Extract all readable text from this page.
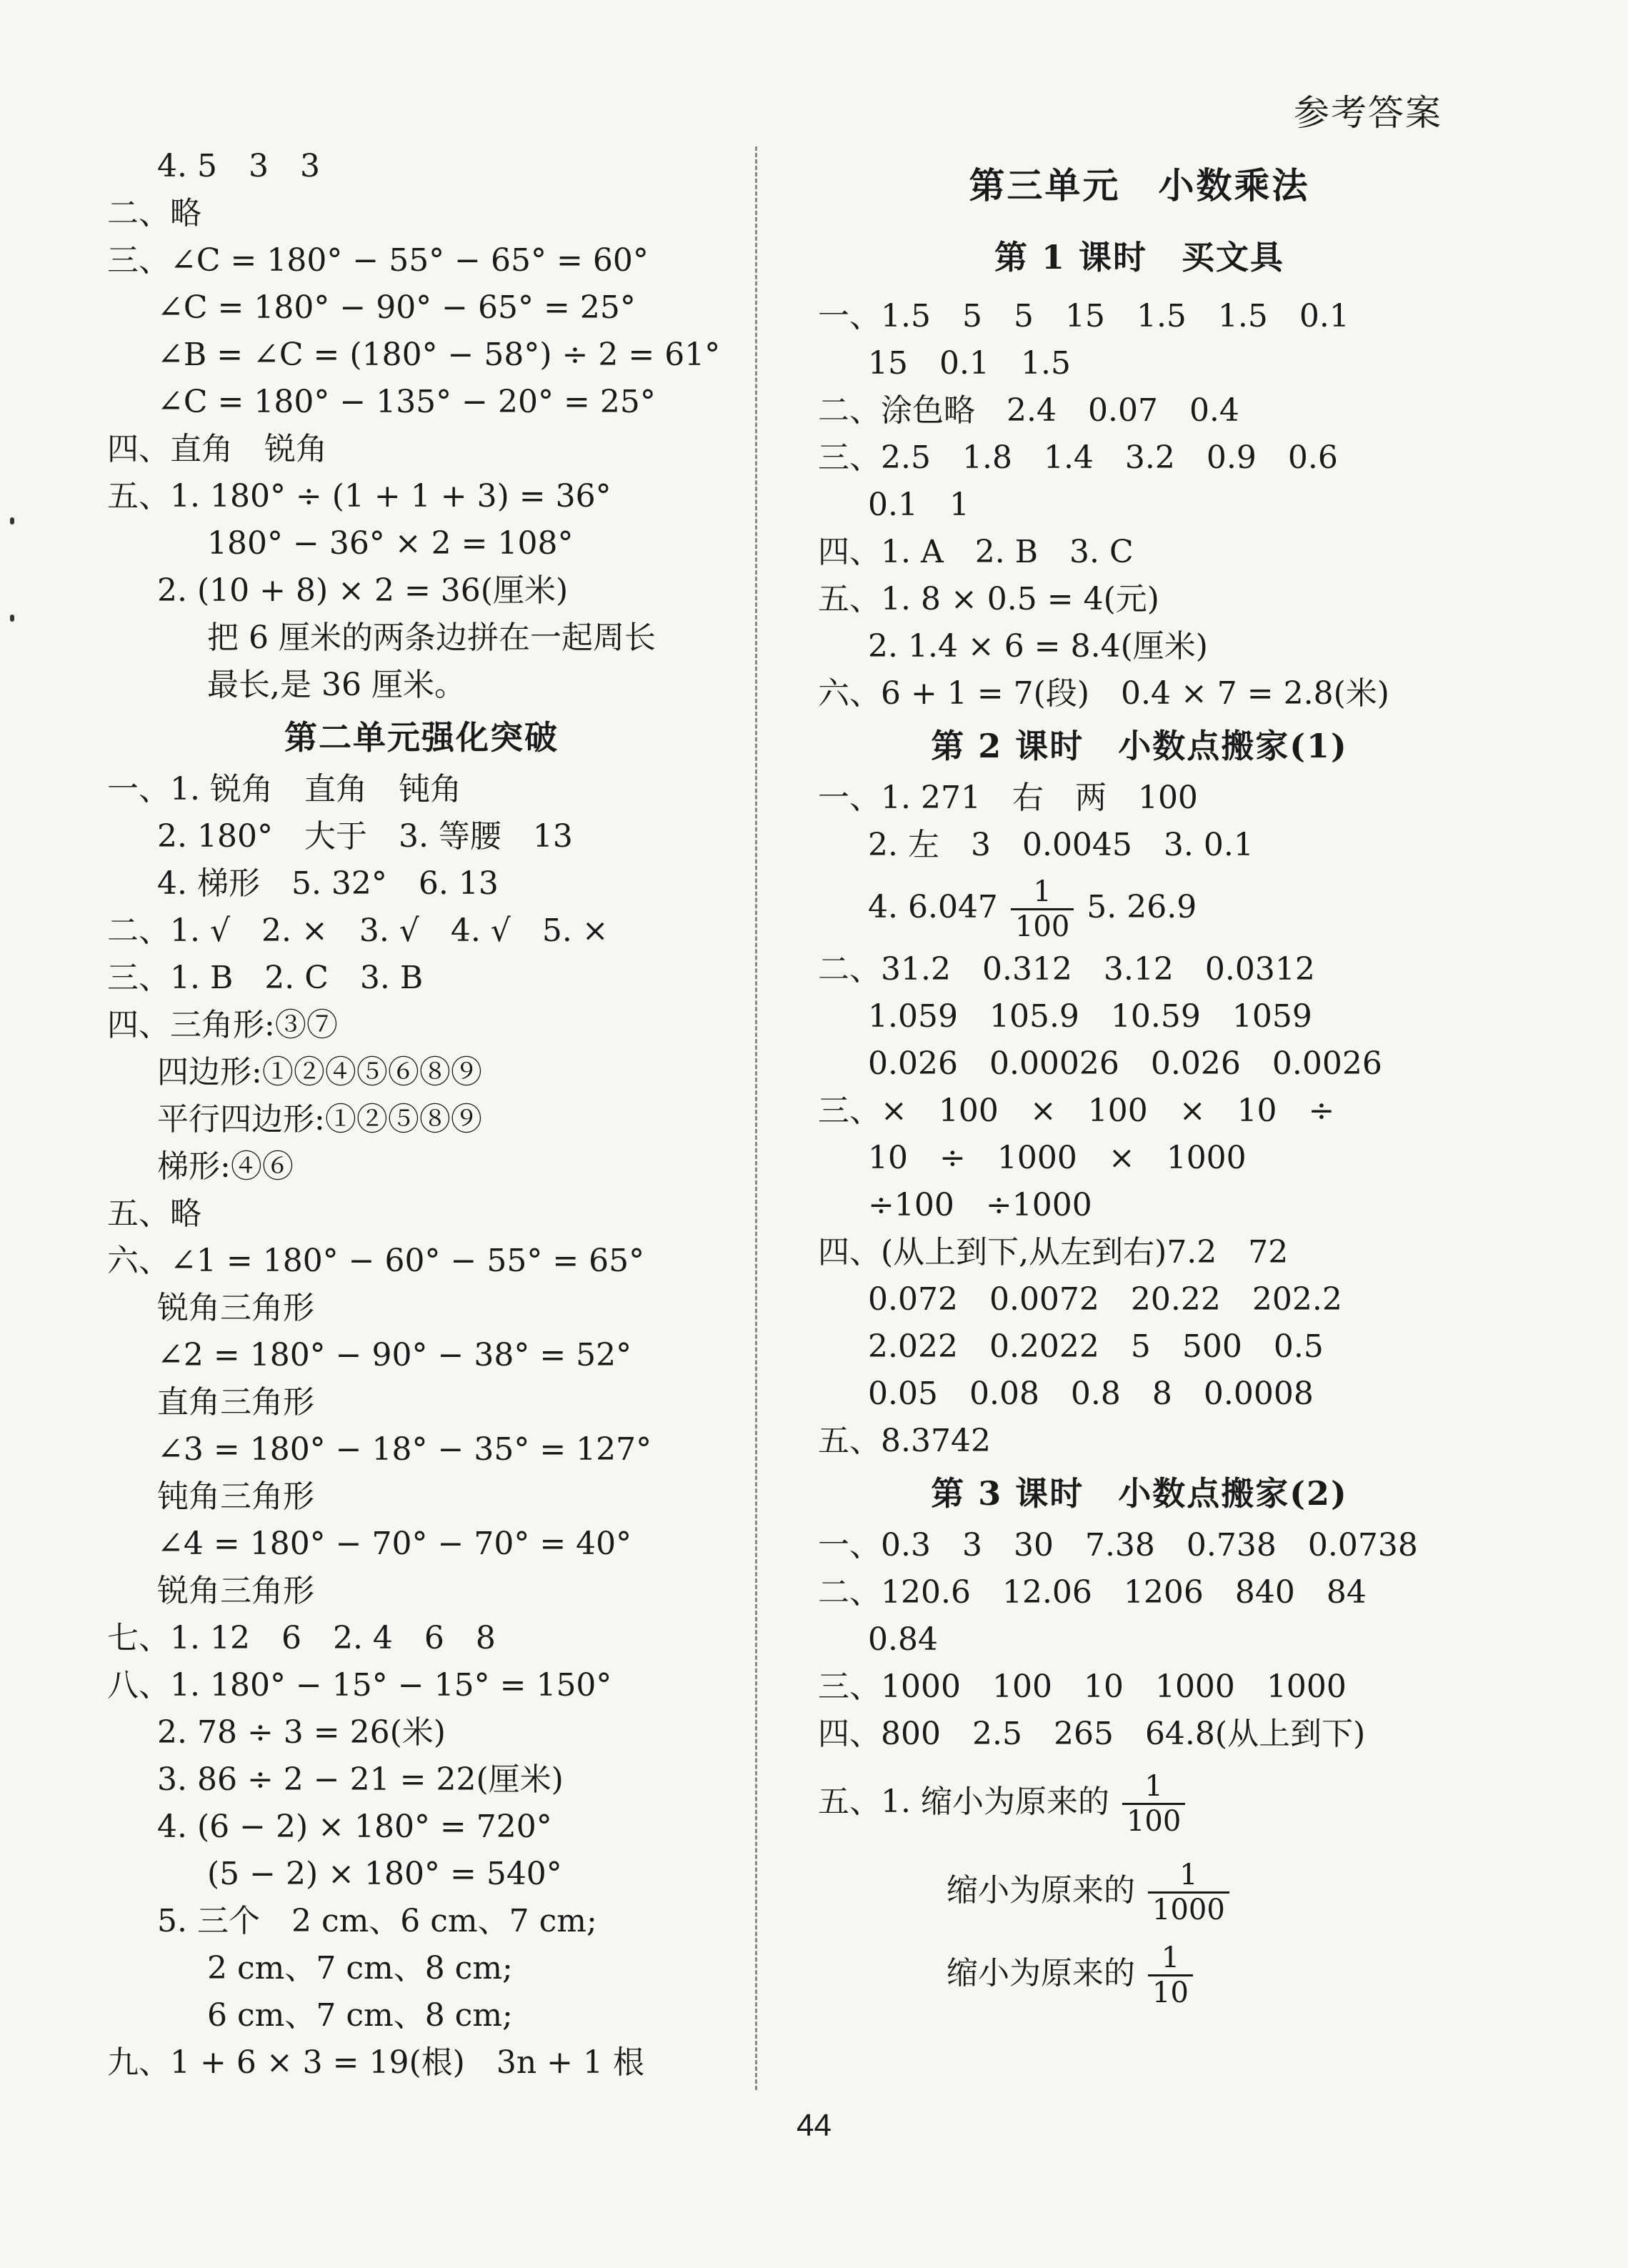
参考答案
4. 5　3　3
二、略
三、∠C = 180° − 55° − 65° = 60°
∠C = 180° − 90° − 65° = 25°
∠B = ∠C = (180° − 58°) ÷ 2 = 61°
∠C = 180° − 135° − 20° = 25°
四、直角　锐角
五、1. 180° ÷ (1 + 1 + 3) = 36°
180° − 36° × 2 = 108°
2. (10 + 8) × 2 = 36(厘米)
把 6 厘米的两条边拼在一起周长
最长,是 36 厘米。
第二单元强化突破
一、1. 锐角　直角　钝角
2. 180°　大于　3. 等腰　13
4. 梯形　5. 32°　6. 13
二、1. √　2. ×　3. √　4. √　5. ×
三、1. B　2. C　3. B
四、三角形:③⑦
四边形:①②④⑤⑥⑧⑨
平行四边形:①②⑤⑧⑨
梯形:④⑥
五、略
六、∠1 = 180° − 60° − 55° = 65°
锐角三角形
∠2 = 180° − 90° − 38° = 52°
直角三角形
∠3 = 180° − 18° − 35° = 127°
钝角三角形
∠4 = 180° − 70° − 70° = 40°
锐角三角形
七、1. 12　6　2. 4　6　8
八、1. 180° − 15° − 15° = 150°
2. 78 ÷ 3 = 26(米)
3. 86 ÷ 2 − 21 = 22(厘米)
4. (6 − 2) × 180° = 720°
(5 − 2) × 180° = 540°
5. 三个　2 cm、6 cm、7 cm;
2 cm、7 cm、8 cm;
6 cm、7 cm、8 cm;
九、1 + 6 × 3 = 19(根)　3n + 1 根
第三单元　小数乘法
第 1 课时　买文具
一、1.5　5　5　15　1.5　1.5　0.1
15　0.1　1.5
二、涂色略　2.4　0.07　0.4
三、2.5　1.8　1.4　3.2　0.9　0.6
0.1　1
四、1. A　2. B　3. C
五、1. 8 × 0.5 = 4(元)
2. 1.4 × 6 = 8.4(厘米)
六、6 + 1 = 7(段)　0.4 × 7 = 2.8(米)
第 2 课时　小数点搬家(1)
一、1. 271　右　两　100
2. 左　3　0.0045　3. 0.1
4. $6.047 \frac{1}{100} 5$. 26.9
二、31.2　0.312　3.12　0.0312
1.059　105.9　10.59　1059
0.026　0.00026　0.026　0.0026
三、×　100　×　100　×　10　÷
10　÷　1000　×　1000
÷100　÷1000
四、(从上到下,从左到右)7.2　72
0.072　0.0072　20.22　202.2
2.022　0.2022　5　500　0.5
0.05　0.08　0.8　8　0.0008
五、8.3742
第 3 课时　小数点搬家(2)
一、0.3　3　30　7.38　0.738　0.0738
二、120.6　12.06　1206　840　84
0.84
三、1000　100　10　1000　1000
四、800　2.5　265　64.8(从上到下)
五、1. 缩小为原来的 $\frac{1}{100}$
缩小为原来的 $\frac{1}{1000}$
缩小为原来的 $\frac{1}{10}$
44
